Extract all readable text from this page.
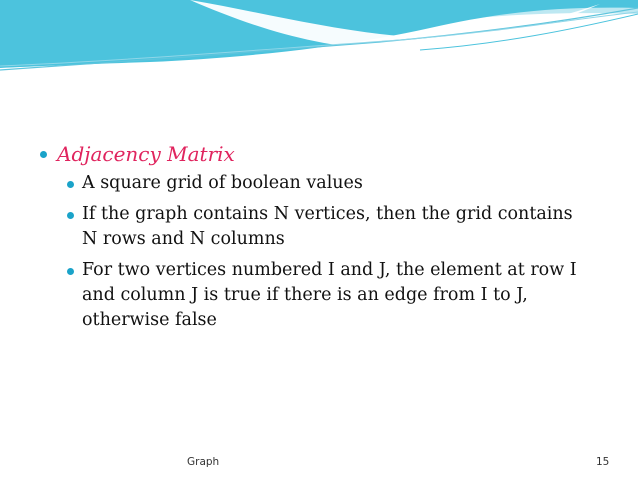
Adjacency Matrix
A square grid of boolean values
If the graph contains N vertices, then the grid contains
N rows and N columns
For two vertices numbered I and J, the element at row I
and column J is true if there is an edge from I to J,
otherwise false
Graph	15
